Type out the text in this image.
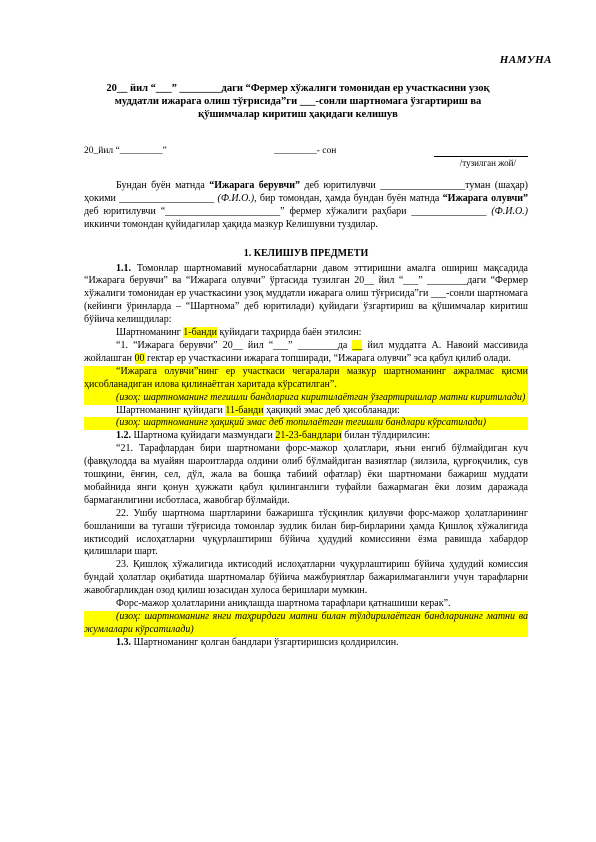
НАМУНА
20__ йил “___” ________даги “Фермер хўжалиги томонидан ер участкасини узоқ
муддатли ижарага олиш тўғрисида”ги ___-сонли шартномага ўзгартириш ва
қўшимчалар киритиш ҳақидаги келишув
20_йил “_________”	_________- сон
/тузилган жой/

Бундан буён матнда “Ижарага берувчи” деб юритилувчи _________________туман (шаҳар) ҳокими ___________________ (Ф.И.О.), бир томондан, ҳамда бундан буён матнда “Ижарага олувчи” деб юритилувчи “_______________________” фермер хўжалиги раҳбари _______________ (Ф.И.О.) иккинчи томондан қуйидагилар ҳақида мазкур Келишувни туздилар.

1. КЕЛИШУВ ПРЕДМЕТИ

1.1. Томонлар шартномавий муносабатларни давом эттиришни амалга ошириш мақсадида “Ижарага берувчи” ва “Ижарага олувчи” ўртасида тузилган 20__ йил “___” ________даги “Фермер хўжалиги томонидан ер участкасини узоқ муддатли ижарага олиш тўғрисида”ги ___-сонли шартномага (кейинги ўринларда – “Шартнома” деб юритилади) қуйидаги ўзгартириш ва қўшимчалар киритиш бўйича келишдилар:

Шартноманинг 1-банди қуйидаги таҳрирда баён этилсин:

“1. “Ижарага берувчи” 20__ йил “___” ________да __ йил муддатга А. Навоий массивида жойлашган 00 гектар ер участкасини ижарага топширади, “Ижарага олувчи” эса қабул қилиб олади.

“Ижарага олувчи”нинг ер участкаси чегаралари мазкур шартноманинг ажралмас қисми ҳисобланадиган илова қилинаётган харитада кўрсатилган”.

(изоҳ: шартноманинг тегишли бандларига киритилаётган ўзгартиришлар матни киритилади)

Шартноманинг қуйидаги 11-банди ҳақиқий эмас деб ҳисобланади:

(изоҳ: шартноманинг ҳақиқий эмас деб топилаётган тегишли бандлари кўрсатилади)

1.2. Шартнома қуйидаги мазмундаги 21-23-бандлари билан тўлдирилсин:

“21. Тарафлардан бири шартномани форс-мажор ҳолатлари, яъни енгиб бўлмайдиган куч (фавқулодда ва муайян шароитларда олдини олиб бўлмайдиган вазиятлар (зилзила, қурғоқчилик, сув тошқини, ёнғин, сел, дўл, жала ва бошқа табиий офатлар) ёки шартномани бажариш муддати мобайнида янги қонун ҳужжати қабул қилинганлиги туфайли бажармаган ёки лозим даражада бармаганлигини исботласа, жавобгар бўлмайди.

22. Ушбу шартнома шартларини бажаришга тўсқинлик қилувчи форс-мажор ҳолатларининг бошланиши ва тугаши тўғрисида томонлар зудлик билан бир-бирларини ҳамда Қишлоқ хўжалигида иктисодий ислоҳатларни чуқурлаштириш бўйича ҳудудий комиссияни ёзма равишда хабардор қилишлари шарт.

23. Қишлоқ хўжалигида иктисодий ислоҳатларни чуқурлаштириш бўйича ҳудудий комиссия бундай ҳолатлар оқибатида шартномалар бўйича мажбуриятлар бажарилмаганлиги учун тарафларни жавобгарликдан озод қилиш юзасидан хулоса беришлари мумкин.

Форс-мажор ҳолатларини аниқлашда шартнома тарафлари қатнашиши керак”.

(изоҳ: шартноманинг янги таҳрирдаги матни билан тўлдирилаётган бандларининг матни ва жумлалари кўрсатилади)

1.3. Шартноманинг қолган бандлари ўзгартиришсиз қолдирилсин.
